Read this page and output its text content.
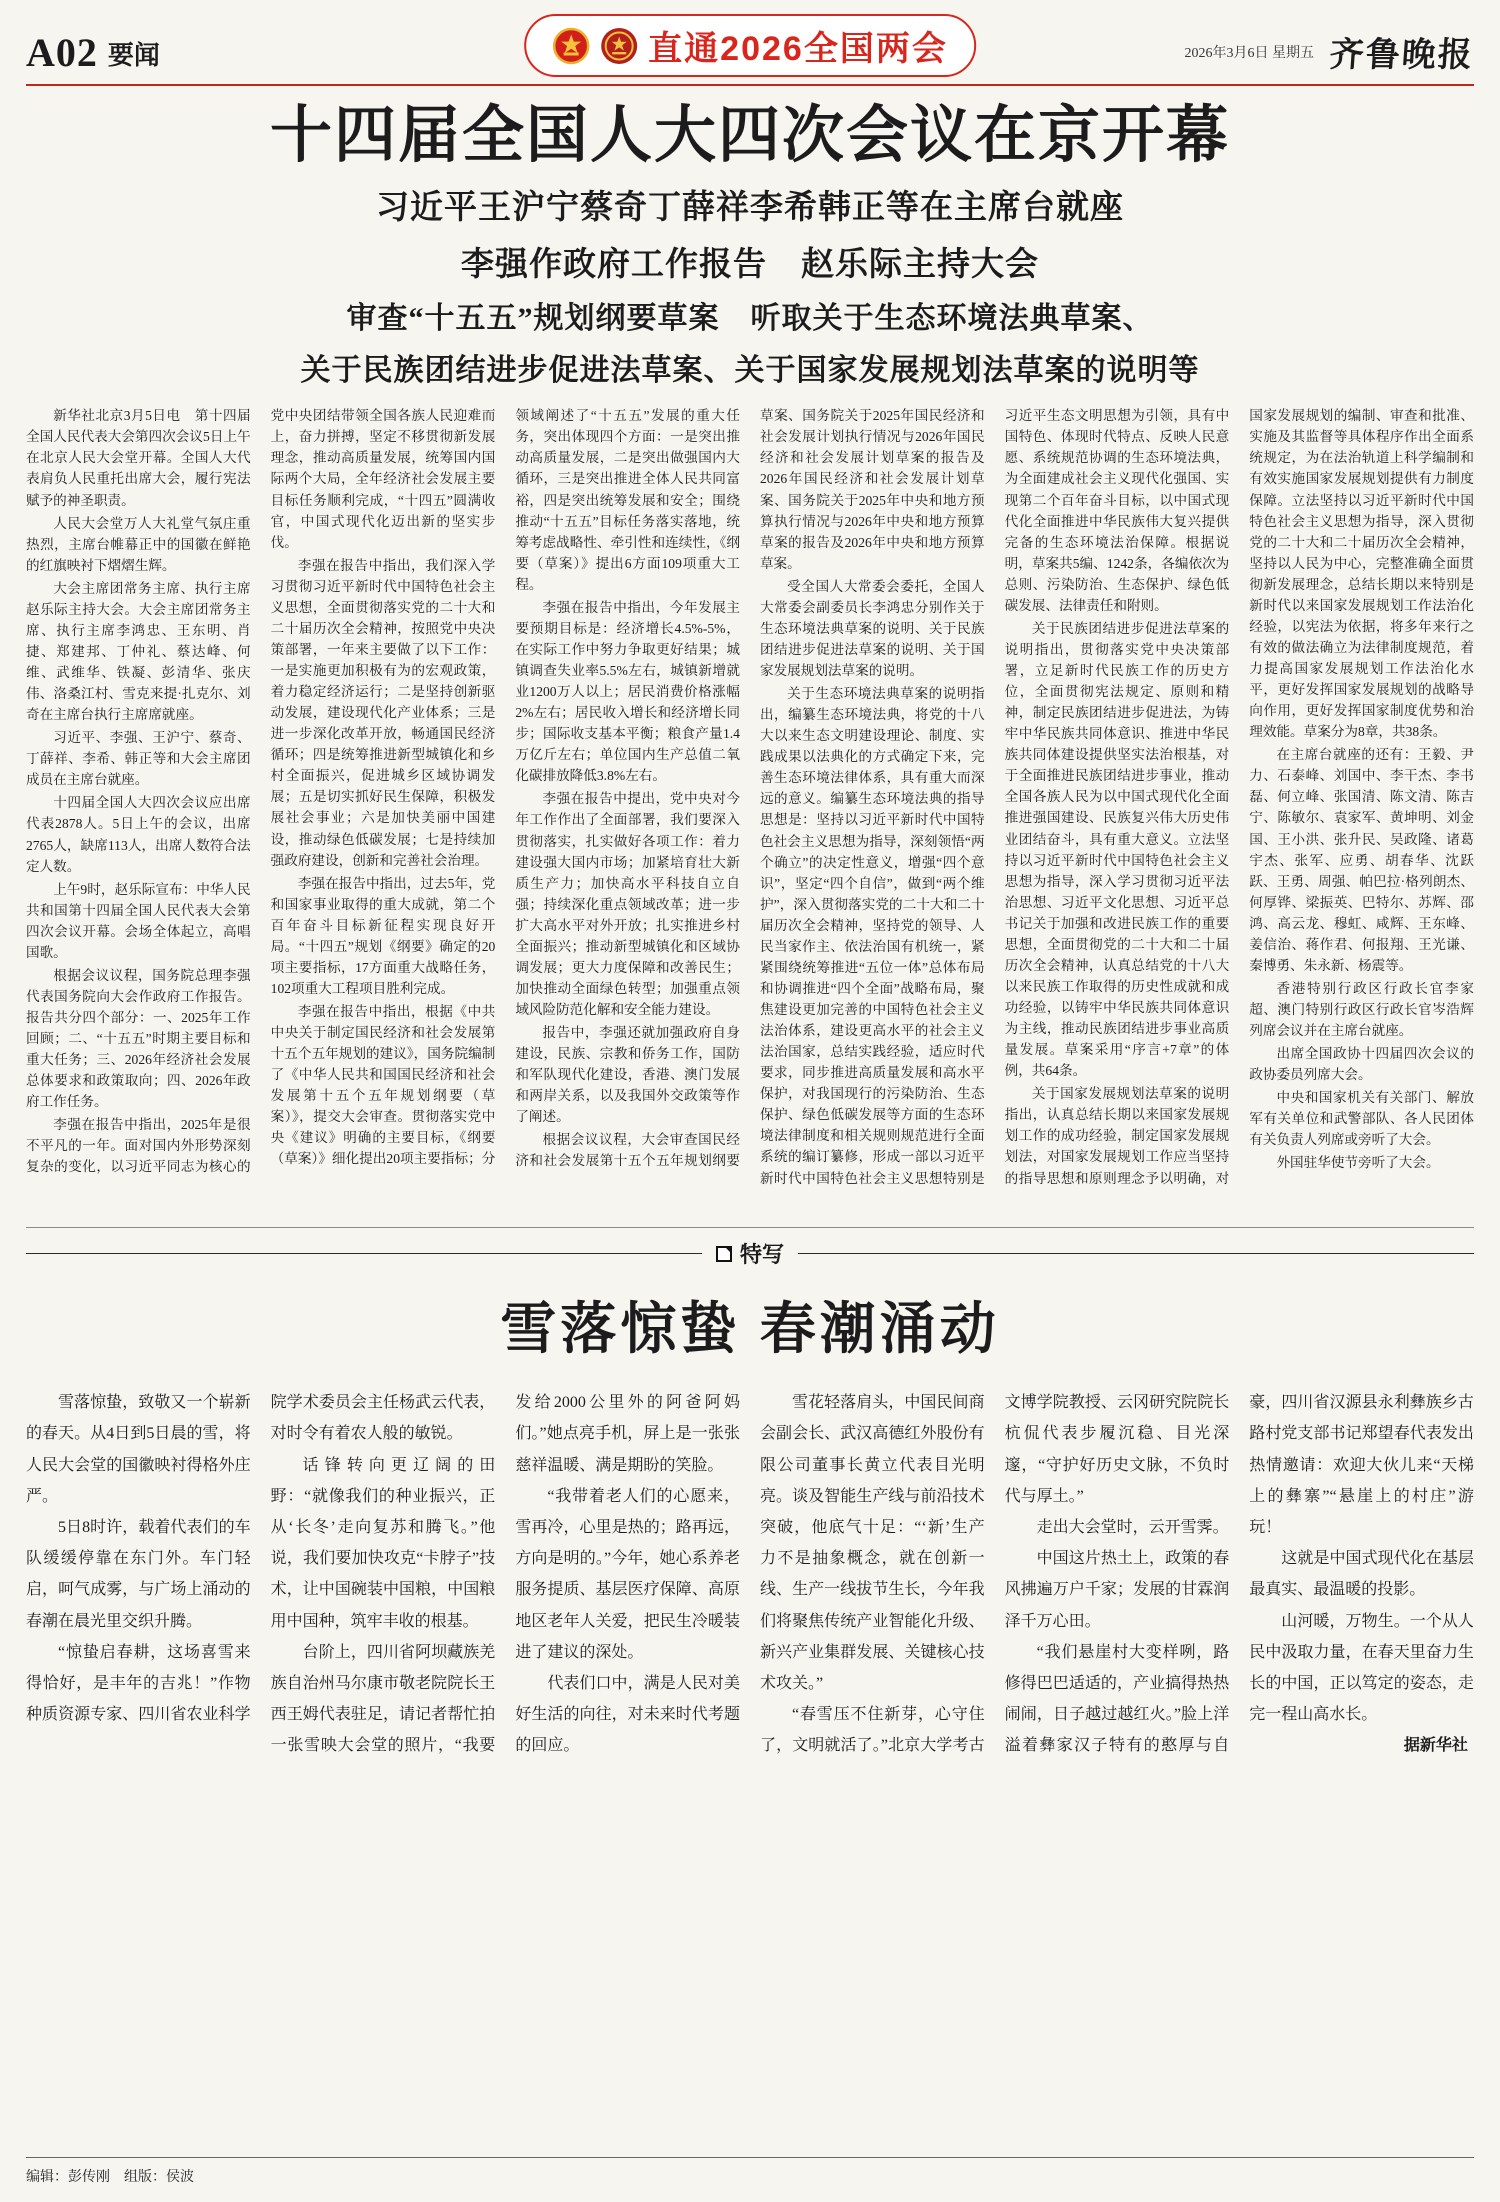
A02 要闻	直通2026全国两会	2026年3月6日 星期五 齐鲁晚报
十四届全国人大四次会议在京开幕
习近平王沪宁蔡奇丁薛祥李希韩正等在主席台就座
李强作政府工作报告　赵乐际主持大会
审查“十五五”规划纲要草案　听取关于生态环境法典草案、
关于民族团结进步促进法草案、关于国家发展规划法草案的说明等

新华社北京3月5日电　第十四届全国人民代表大会第四次会议5日上午在北京人民大会堂开幕。全国人大代表肩负人民重托出席大会，履行宪法赋予的神圣职责。

人民大会堂万人大礼堂气氛庄重热烈，主席台帷幕正中的国徽在鲜艳的红旗映衬下熠熠生辉。

大会主席团常务主席、执行主席赵乐际主持大会。大会主席团常务主席、执行主席李鸿忠、王东明、肖捷、郑建邦、丁仲礼、蔡达峰、何维、武维华、铁凝、彭清华、张庆伟、洛桑江村、雪克来提·扎克尔、刘奇在主席台执行主席席就座。

习近平、李强、王沪宁、蔡奇、丁薛祥、李希、韩正等和大会主席团成员在主席台就座。

十四届全国人大四次会议应出席代表2878人。5日上午的会议，出席2765人，缺席113人，出席人数符合法定人数。

上午9时，赵乐际宣布：中华人民共和国第十四届全国人民代表大会第四次会议开幕。会场全体起立，高唱国歌。

根据会议议程，国务院总理李强代表国务院向大会作政府工作报告。报告共分四个部分：一、2025年工作回顾；二、“十五五”时期主要目标和重大任务；三、2026年经济社会发展总体要求和政策取向；四、2026年政府工作任务。

李强在报告中指出，2025年是很不平凡的一年。面对国内外形势深刻复杂的变化，以习近平同志为核心的党中央团结带领全国各族人民迎难而上，奋力拼搏，坚定不移贯彻新发展理念，推动高质量发展，统筹国内国际两个大局，全年经济社会发展主要目标任务顺利完成，“十四五”圆满收官，中国式现代化迈出新的坚实步伐。

李强在报告中指出，我们深入学习贯彻习近平新时代中国特色社会主义思想，全面贯彻落实党的二十大和二十届历次全会精神，按照党中央决策部署，一年来主要做了以下工作：一是实施更加积极有为的宏观政策，着力稳定经济运行；二是坚持创新驱动发展，建设现代化产业体系；三是进一步深化改革开放，畅通国民经济循环；四是统筹推进新型城镇化和乡村全面振兴，促进城乡区域协调发展；五是切实抓好民生保障，积极发展社会事业；六是加快美丽中国建设，推动绿色低碳发展；七是持续加强政府建设，创新和完善社会治理。

李强在报告中指出，过去5年，党和国家事业取得的重大成就，第二个百年奋斗目标新征程实现良好开局。“十四五”规划《纲要》确定的20项主要指标，17方面重大战略任务，102项重大工程项目胜利完成。

李强在报告中指出，根据《中共中央关于制定国民经济和社会发展第十五个五年规划的建议》，国务院编制了《中华人民共和国国民经济和社会发展第十五个五年规划纲要（草案）》，提交大会审查。贯彻落实党中央《建议》明确的主要目标，《纲要（草案）》细化提出20项主要指标；分领域阐述了“十五五”发展的重大任务，突出体现四个方面：一是突出推动高质量发展，二是突出做强国内大循环，三是突出推进全体人民共同富裕，四是突出统筹发展和安全；围绕推动“十五五”目标任务落实落地，统筹考虑战略性、牵引性和连续性，《纲要（草案）》提出6方面109项重大工程。

李强在报告中指出，今年发展主要预期目标是：经济增长4.5%-5%，在实际工作中努力争取更好结果；城镇调查失业率5.5%左右，城镇新增就业1200万人以上；居民消费价格涨幅2%左右；居民收入增长和经济增长同步；国际收支基本平衡；粮食产量1.4万亿斤左右；单位国内生产总值二氧化碳排放降低3.8%左右。

李强在报告中提出，党中央对今年工作作出了全面部署，我们要深入贯彻落实，扎实做好各项工作：着力建设强大国内市场；加紧培育壮大新质生产力；加快高水平科技自立自强；持续深化重点领域改革；进一步扩大高水平对外开放；扎实推进乡村全面振兴；推动新型城镇化和区域协调发展；更大力度保障和改善民生；加快推动全面绿色转型；加强重点领域风险防范化解和安全能力建设。

报告中，李强还就加强政府自身建设，民族、宗教和侨务工作，国防和军队现代化建设，香港、澳门发展和两岸关系，以及我国外交政策等作了阐述。

根据会议议程，大会审查国民经济和社会发展第十五个五年规划纲要草案、国务院关于2025年国民经济和社会发展计划执行情况与2026年国民经济和社会发展计划草案的报告及2026年国民经济和社会发展计划草案、国务院关于2025年中央和地方预算执行情况与2026年中央和地方预算草案的报告及2026年中央和地方预算草案。

受全国人大常委会委托，全国人大常委会副委员长李鸿忠分别作关于生态环境法典草案的说明、关于民族团结进步促进法草案的说明、关于国家发展规划法草案的说明。

关于生态环境法典草案的说明指出，编纂生态环境法典，将党的十八大以来生态文明建设理论、制度、实践成果以法典化的方式确定下来，完善生态环境法律体系，具有重大而深远的意义。编纂生态环境法典的指导思想是：坚持以习近平新时代中国特色社会主义思想为指导，深刻领悟“两个确立”的决定性意义，增强“四个意识”，坚定“四个自信”，做到“两个维护”，深入贯彻落实党的二十大和二十届历次全会精神，坚持党的领导、人民当家作主、依法治国有机统一，紧紧围绕统筹推进“五位一体”总体布局和协调推进“四个全面”战略布局，聚焦建设更加完善的中国特色社会主义法治体系，建设更高水平的社会主义法治国家，总结实践经验，适应时代要求，同步推进高质量发展和高水平保护，对我国现行的污染防治、生态保护、绿色低碳发展等方面的生态环境法律制度和相关规则规范进行全面系统的编订纂修，形成一部以习近平新时代中国特色社会主义思想特别是习近平生态文明思想为引领，具有中国特色、体现时代特点、反映人民意愿、系统规范协调的生态环境法典，为全面建成社会主义现代化强国、实现第二个百年奋斗目标，以中国式现代化全面推进中华民族伟大复兴提供完备的生态环境法治保障。根据说明，草案共5编、1242条，各编依次为总则、污染防治、生态保护、绿色低碳发展、法律责任和附则。

关于民族团结进步促进法草案的说明指出，贯彻落实党中央决策部署，立足新时代民族工作的历史方位，全面贯彻宪法规定、原则和精神，制定民族团结进步促进法，为铸牢中华民族共同体意识、推进中华民族共同体建设提供坚实法治根基，对于全面推进民族团结进步事业，推动全国各族人民为以中国式现代化全面推进强国建设、民族复兴伟大历史伟业团结奋斗，具有重大意义。立法坚持以习近平新时代中国特色社会主义思想为指导，深入学习贯彻习近平法治思想、习近平文化思想、习近平总书记关于加强和改进民族工作的重要思想，全面贯彻党的二十大和二十届历次全会精神，认真总结党的十八大以来民族工作取得的历史性成就和成功经验，以铸牢中华民族共同体意识为主线，推动民族团结进步事业高质量发展。草案采用“序言+7章”的体例，共64条。

关于国家发展规划法草案的说明指出，认真总结长期以来国家发展规划工作的成功经验，制定国家发展规划法，对国家发展规划工作应当坚持的指导思想和原则理念予以明确，对国家发展规划的编制、审查和批准、实施及其监督等具体程序作出全面系统规定，为在法治轨道上科学编制和有效实施国家发展规划提供有力制度保障。立法坚持以习近平新时代中国特色社会主义思想为指导，深入贯彻党的二十大和二十届历次全会精神，坚持以人民为中心，完整准确全面贯彻新发展理念，总结长期以来特别是新时代以来国家发展规划工作法治化经验，以宪法为依据，将多年来行之有效的做法确立为法律制度规范，着力提高国家发展规划工作法治化水平，更好发挥国家发展规划的战略导向作用，更好发挥国家制度优势和治理效能。草案分为8章，共38条。

在主席台就座的还有：王毅、尹力、石泰峰、刘国中、李干杰、李书磊、何立峰、张国清、陈文清、陈吉宁、陈敏尔、袁家军、黄坤明、刘金国、王小洪、张升民、吴政隆、诸葛宇杰、张军、应勇、胡春华、沈跃跃、王勇、周强、帕巴拉·格列朗杰、何厚铧、梁振英、巴特尔、苏辉、邵鸿、高云龙、穆虹、咸辉、王东峰、姜信治、蒋作君、何报翔、王光谦、秦博勇、朱永新、杨震等。

香港特别行政区行政长官李家超、澳门特别行政区行政长官岑浩辉列席会议并在主席台就座。

出席全国政协十四届四次会议的政协委员列席大会。

中央和国家机关有关部门、解放军有关单位和武警部队、各人民团体有关负责人列席或旁听了大会。

外国驻华使节旁听了大会。

特写
雪落惊蛰 春潮涌动

雪落惊蛰，致敬又一个崭新的春天。从4日到5日晨的雪，将人民大会堂的国徽映衬得格外庄严。

5日8时许，载着代表们的车队缓缓停靠在东门外。车门轻启，呵气成雾，与广场上涌动的春潮在晨光里交织升腾。

“惊蛰启春耕，这场喜雪来得恰好，是丰年的吉兆！”作物种质资源专家、四川省农业科学院学术委员会主任杨武云代表，对时令有着农人般的敏锐。

话锋转向更辽阔的田野：“就像我们的种业振兴，正从‘长冬’走向复苏和腾飞。”他说，我们要加快攻克“卡脖子”技术，让中国碗装中国粮，中国粮用中国种，筑牢丰收的根基。

台阶上，四川省阿坝藏族羌族自治州马尔康市敬老院院长王西王姆代表驻足，请记者帮忙拍一张雪映大会堂的照片，“我要发给2000公里外的阿爸阿妈们。”她点亮手机，屏上是一张张慈祥温暖、满是期盼的笑脸。

“我带着老人们的心愿来，雪再冷，心里是热的；路再远，方向是明的。”今年，她心系养老服务提质、基层医疗保障、高原地区老年人关爱，把民生冷暖装进了建议的深处。

代表们口中，满是人民对美好生活的向往，对未来时代考题的回应。

雪花轻落肩头，中国民间商会副会长、武汉高德红外股份有限公司董事长黄立代表目光明亮。谈及智能生产线与前沿技术突破，他底气十足：“‘新’生产力不是抽象概念，就在创新一线、生产一线拔节生长，今年我们将聚焦传统产业智能化升级、新兴产业集群发展、关键核心技术攻关。”

“春雪压不住新芽，心守住了，文明就活了。”北京大学考古文博学院教授、云冈研究院院长杭侃代表步履沉稳、目光深邃，“守护好历史文脉，不负时代与厚土。”

走出大会堂时，云开雪霁。

中国这片热土上，政策的春风拂遍万户千家；发展的甘霖润泽千万心田。

“我们悬崖村大变样咧，路修得巴巴适适的，产业搞得热热闹闹，日子越过越红火。”脸上洋溢着彝家汉子特有的憨厚与自豪，四川省汉源县永利彝族乡古路村党支部书记郑望春代表发出热情邀请：欢迎大伙儿来“天梯上的彝寨”“悬崖上的村庄”游玩！

这就是中国式现代化在基层最真实、最温暖的投影。

山河暖，万物生。一个从人民中汲取力量，在春天里奋力生长的中国，正以笃定的姿态，走完一程山高水长。

据新华社
编辑：彭传刚　组版：侯波
